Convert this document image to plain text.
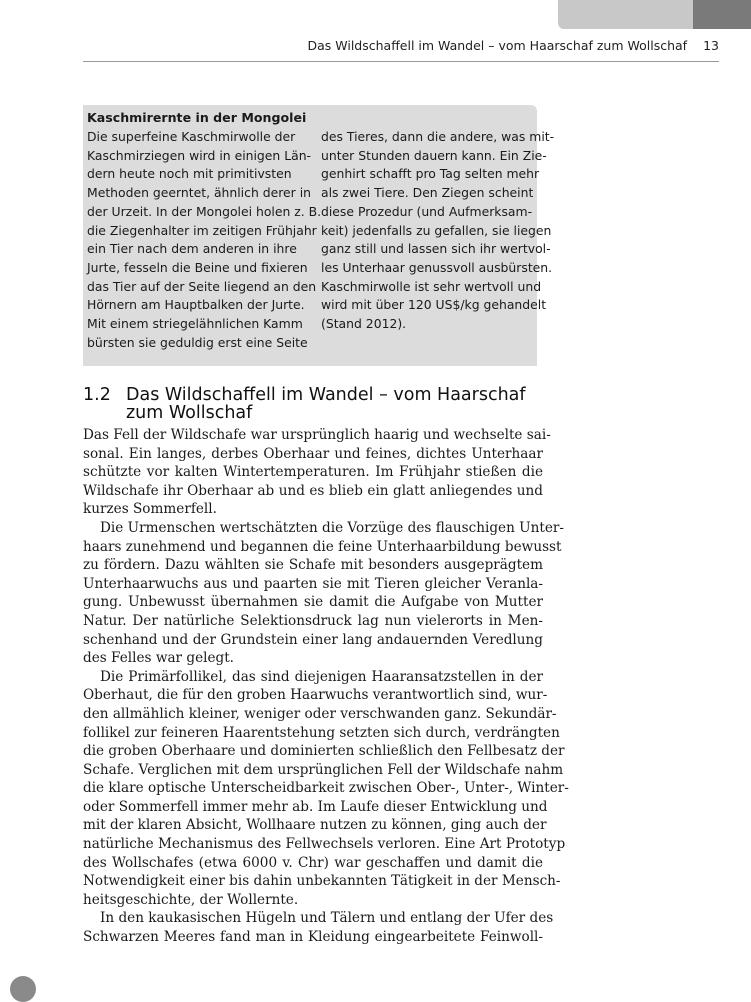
Das Wildschaffell im Wandel – vom Haarschaf zum Wollschaf 13
Kaschmirernte in der Mongolei
Die superfeine Kaschmirwolle der
Kaschmirziegen wird in einigen Län-
dern heute noch mit primitivsten
Methoden geerntet, ähnlich derer in
der Urzeit. In der Mongolei holen z. B.
die Ziegenhalter im zeitigen Frühjahr
ein Tier nach dem anderen in ihre
Jurte, fesseln die Beine und fixieren
das Tier auf der Seite liegend an den
Hörnern am Hauptbalken der Jurte.
Mit einem striegelähnlichen Kamm
bürsten sie geduldig erst eine Seite
des Tieres, dann die andere, was mit-
unter Stunden dauern kann. Ein Zie-
genhirt schafft pro Tag selten mehr
als zwei Tiere. Den Ziegen scheint
diese Prozedur (und Aufmerksam-
keit) jedenfalls zu gefallen, sie liegen
ganz still und lassen sich ihr wertvol-
les Unterhaar genussvoll ausbürsten.
Kaschmirwolle ist sehr wertvoll und
wird mit über 120 US$/kg gehandelt
(Stand 2012).
1.2 Das Wildschaffell im Wandel – vom Haarschaf
zum Wollschaf
Das Fell der Wildschafe war ursprünglich haarig und wechselte sai-
sonal. Ein langes, derbes Oberhaar und feines, dichtes Unterhaar
schützte vor kalten Wintertemperaturen. Im Frühjahr stießen die
Wildschafe ihr Oberhaar ab und es blieb ein glatt anliegendes und
kurzes Sommerfell.
Die Urmenschen wertschätzten die Vorzüge des flauschigen Unter-
haars zunehmend und begannen die feine Unterhaarbildung bewusst
zu fördern. Dazu wählten sie Schafe mit besonders ausgeprägtem
Unterhaarwuchs aus und paarten sie mit Tieren gleicher Veranla-
gung. Unbewusst übernahmen sie damit die Aufgabe von Mutter
Natur. Der natürliche Selektionsdruck lag nun vielerorts in Men-
schenhand und der Grundstein einer lang andauernden Veredlung
des Felles war gelegt.
Die Primärfollikel, das sind diejenigen Haaransatzstellen in der
Oberhaut, die für den groben Haarwuchs verantwortlich sind, wur-
den allmählich kleiner, weniger oder verschwanden ganz. Sekundär-
follikel zur feineren Haarentstehung setzten sich durch, verdrängten
die groben Oberhaare und dominierten schließlich den Fellbesatz der
Schafe. Verglichen mit dem ursprünglichen Fell der Wildschafe nahm
die klare optische Unterscheidbarkeit zwischen Ober-, Unter-, Winter-
oder Sommerfell immer mehr ab. Im Laufe dieser Entwicklung und
mit der klaren Absicht, Wollhaare nutzen zu können, ging auch der
natürliche Mechanismus des Fellwechsels verloren. Eine Art Prototyp
des Wollschafes (etwa 6000 v. Chr) war geschaffen und damit die
Notwendigkeit einer bis dahin unbekannten Tätigkeit in der Mensch-
heitsgeschichte, der Wollernte.
In den kaukasischen Hügeln und Tälern und entlang der Ufer des
Schwarzen Meeres fand man in Kleidung eingearbeitete Feinwoll-
